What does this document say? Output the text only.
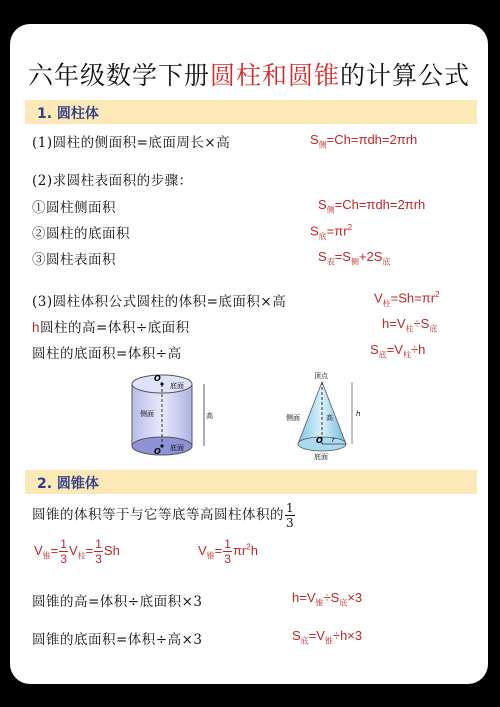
六年级数学下册圆柱和圆锥的计算公式
1. 圆柱体
(1)圆柱的侧面积=底面周长×高	$S_侧=Ch=\pi dh=2\pi rh$
(2)求圆柱表面积的步骤：
①圆柱侧面积	$S_侧=Ch=\pi dh=2\pi rh$
②圆柱的底面积	$S_底=\pi r^2$
③圆柱表面积	$S_表=S_侧+2S_底$
(3)圆柱体积公式圆柱的体积=底面积×高	$V_柱=Sh=\pi r^2$
h圆柱的高=体积÷底面积	$h=V_柱\div S_底$
圆柱的底面积=体积÷高	$S_底=V_柱\div h$
O
底面
侧面	高
O 底面
顶点
侧面	高	h
O r
底面
2. 圆锥体
圆锥的体积等于与它等底等高圆柱体积的 $\frac{1}{3}$
$V_锥= \frac{1}{3} V_柱= \frac{1}{3}$ Sh	$V_锥= \frac{1}{3} \pi r^2h$
圆锥的高=体积÷底面积×3	$h=V_锥\div S_底\times 3$
圆锥的底面积=体积÷高×3	$S_底=V_锥\div h\times 3$
